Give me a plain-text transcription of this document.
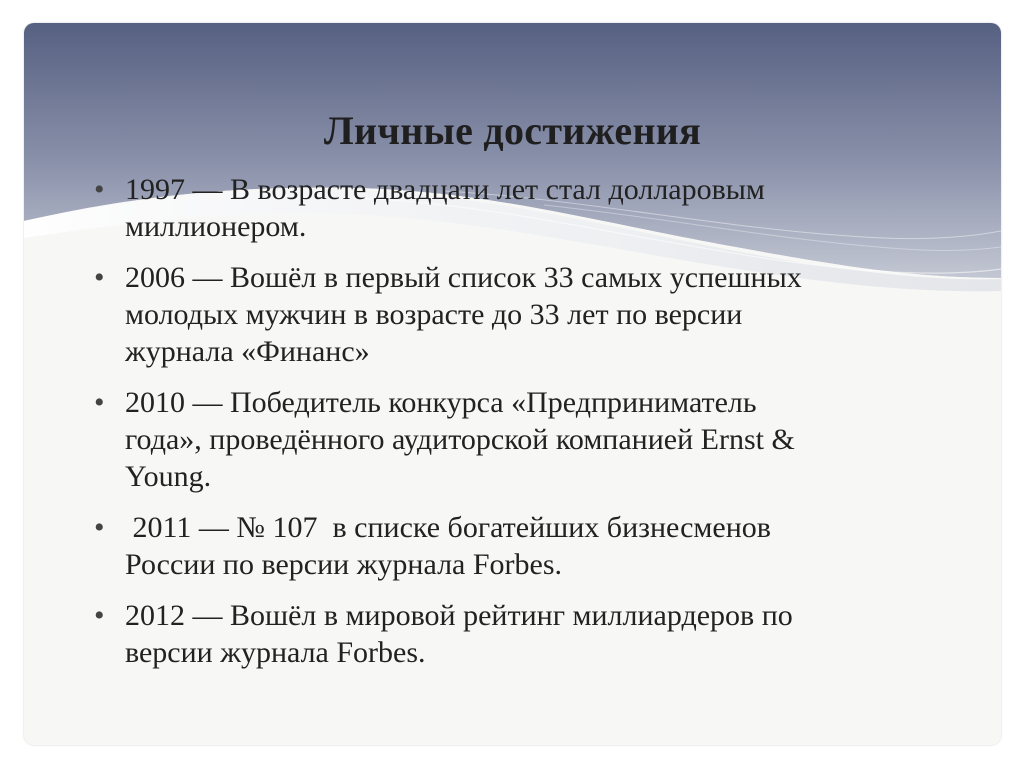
Личные достижения
• 1997 — В возрасте двадцати лет стал долларовым
миллионером.
• 2006 — Вошёл в первый список 33 самых успешных
молодых мужчин в возрасте до 33 лет по версии
журнала «Финанс»
• 2010 — Победитель конкурса «Предприниматель
года», проведённого аудиторской компанией Ernst &
Young.
• 2011 — № 107  в списке богатейших бизнесменов
России по версии журнала Forbes.
• 2012 — Вошёл в мировой рейтинг миллиардеров по
версии журнала Forbes.
